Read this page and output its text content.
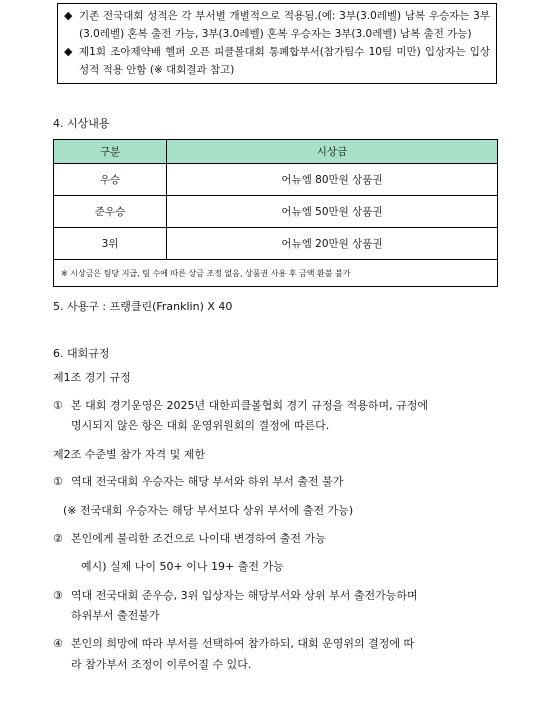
◆ 기존 전국대회 성적은 각 부서별 개별적으로 적용됨.(예: 3부(3.0레벨) 남복 우승자는 3부(3.0레벨) 혼복 출전 가능, 3부(3.0레벨) 혼복 우승자는 3부(3.0레벨) 남복 출전 가능)
◆ 제1회 조아제약배 헬퍼 오픈 피클볼대회 통폐합부서(참가팀수 10팀 미만) 입상자는 입상 성적 적용 안함 (※ 대회결과 참고)
4. 시상내용
구분	시상금
우승	어뉴엠 80만원 상품권
준우승	어뉴엠 50만원 상품권
3위	어뉴엠 20만원 상품권
※ 시상금은 팀당 지급, 팀 수에 따른 상금 조정 없음, 상품권 사용 후 금액 환불 불가	
5. 사용구 : 프랭클린(Franklin) X 40
6. 대회규정
제1조 경기 규정
① 본 대회 경기운영은 2025년 대한피클볼협회 경기 규정을 적용하며, 규정에
명시되지 않은 항은 대회 운영위원회의 결정에 따른다.
제2조 수준별 참가 자격 및 제한
① 역대 전국대회 우승자는 해당 부서와 하위 부서 출전 불가
(※ 전국대회 우승자는 해당 부서보다 상위 부서에 출전 가능)
② 본인에게 불리한 조건으로 나이대 변경하여 출전 가능
예시) 실제 나이 50+ 이나 19+ 출전 가능
③ 역대 전국대회 준우승, 3위 입상자는 해당부서와 상위 부서 출전가능하며
하위부서 출전불가
④ 본인의 희망에 따라 부서를 선택하여 참가하되, 대회 운영위의 결정에 따
라 참가부서 조정이 이루어질 수 있다.
